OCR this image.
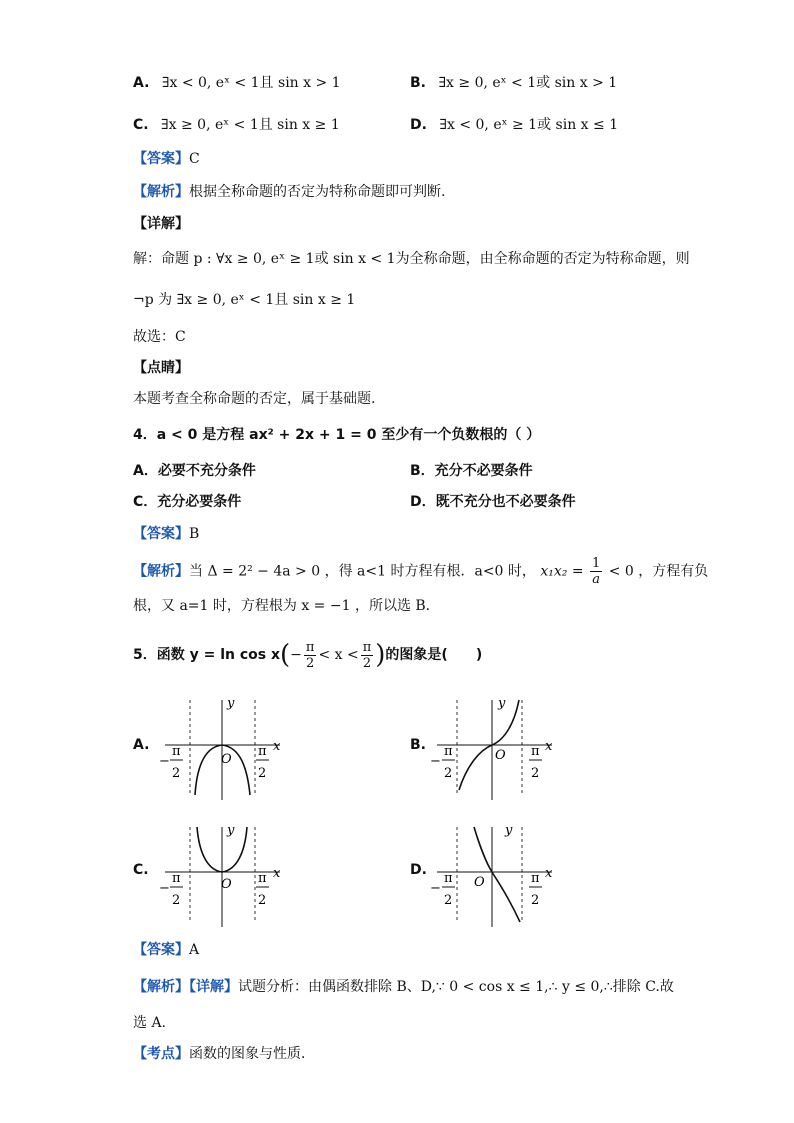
A. ∃x < 0, eˣ < 1且 sin x > 1	B. ∃x ≥ 0, eˣ < 1或 sin x > 1
C. ∃x ≥ 0, eˣ < 1且 sin x ≥ 1	D. ∃x < 0, eˣ ≥ 1或 sin x ≤ 1
【答案】C
【解析】根据全称命题的否定为特称命题即可判断.
【详解】
解：命题 p : ∀x ≥ 0, eˣ ≥ 1或 sin x < 1为全称命题，由全称命题的否定为特称命题，则
¬p 为 ∃x ≥ 0, eˣ < 1且 sin x ≥ 1
故选：C
【点睛】
本题考查全称命题的否定，属于基础题.
4．a < 0 是方程 ax² + 2x + 1 = 0 至少有一个负数根的（ ）
A．必要不充分条件	B．充分不必要条件
C．充分必要条件	D．既不充分也不必要条件
【答案】B
【解析】当 Δ = 2² − 4a > 0 ，得 a<1 时方程有根．a<0 时， $x_1x_2 = \frac{1}{a} < 0$ ，方程有负
根，又 a=1 时，方程根为 x = −1 ，所以选 B．
5．函数 $y = \ln \cos x(- \frac{\pi}{2} < x < \frac{\pi}{2}$ )的图象是(　　)
A.	B.
C.	D.
y
x
O
−
π
2
π
2
y
x
O
−
π
2
π
2
y
x
O
−
π
2
π
2
y
x
O
−
π
2
π
2
【答案】A
【解析】【详解】试题分析：由偶函数排除 B、D,∵ 0 < cos x ≤ 1,∴ y ≤ 0,∴排除 C.故
选 A.
【考点】函数的图象与性质．
